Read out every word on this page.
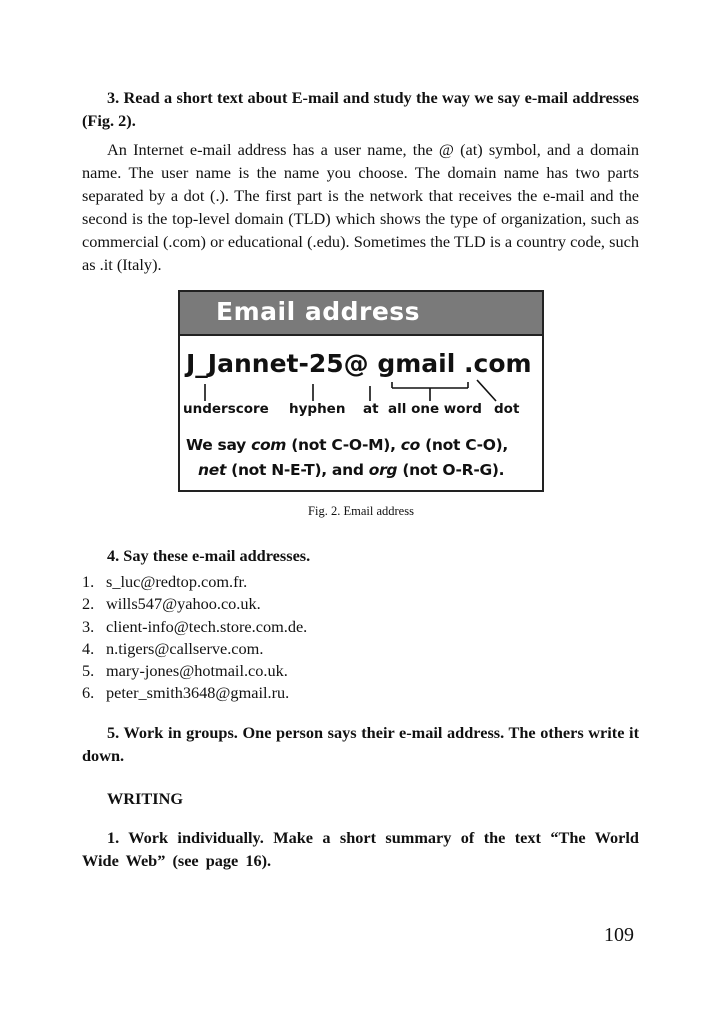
3. Read a short text about E-mail and study the way we say e-mail addresses (Fig. 2).

An Internet e-mail address has a user name, the @ (at) symbol, and a domain name. The user name is the name you choose. The domain name has two parts separated by a dot (.). The first part is the network that receives the e-mail and the second is the top-level domain (TLD) which shows the type of organization, such as commercial (.com) or educational (.edu). Sometimes the TLD is a country code, such as .it (Italy).

Email address
J_Jannet-25@ gmail .com
underscore hyphen at all one word dot
We say com (not C-O-M), co (not C-O),
net (not N-E-T), and org (not O-R-G).
Fig. 2. Email address

4. Say these e-mail addresses.

1. s_luc@redtop.com.fr.
2. wills547@yahoo.co.uk.
3. client-info@tech.store.com.de.
4. n.tigers@callserve.com.
5. mary-jones@hotmail.co.uk.
6. peter_smith3648@gmail.ru.

5. Work in groups. One person says their e-mail address. The others write it down.

WRITING

1. Work individually. Make a short summary of the text “The World Wide Web” (see page 16).

109
